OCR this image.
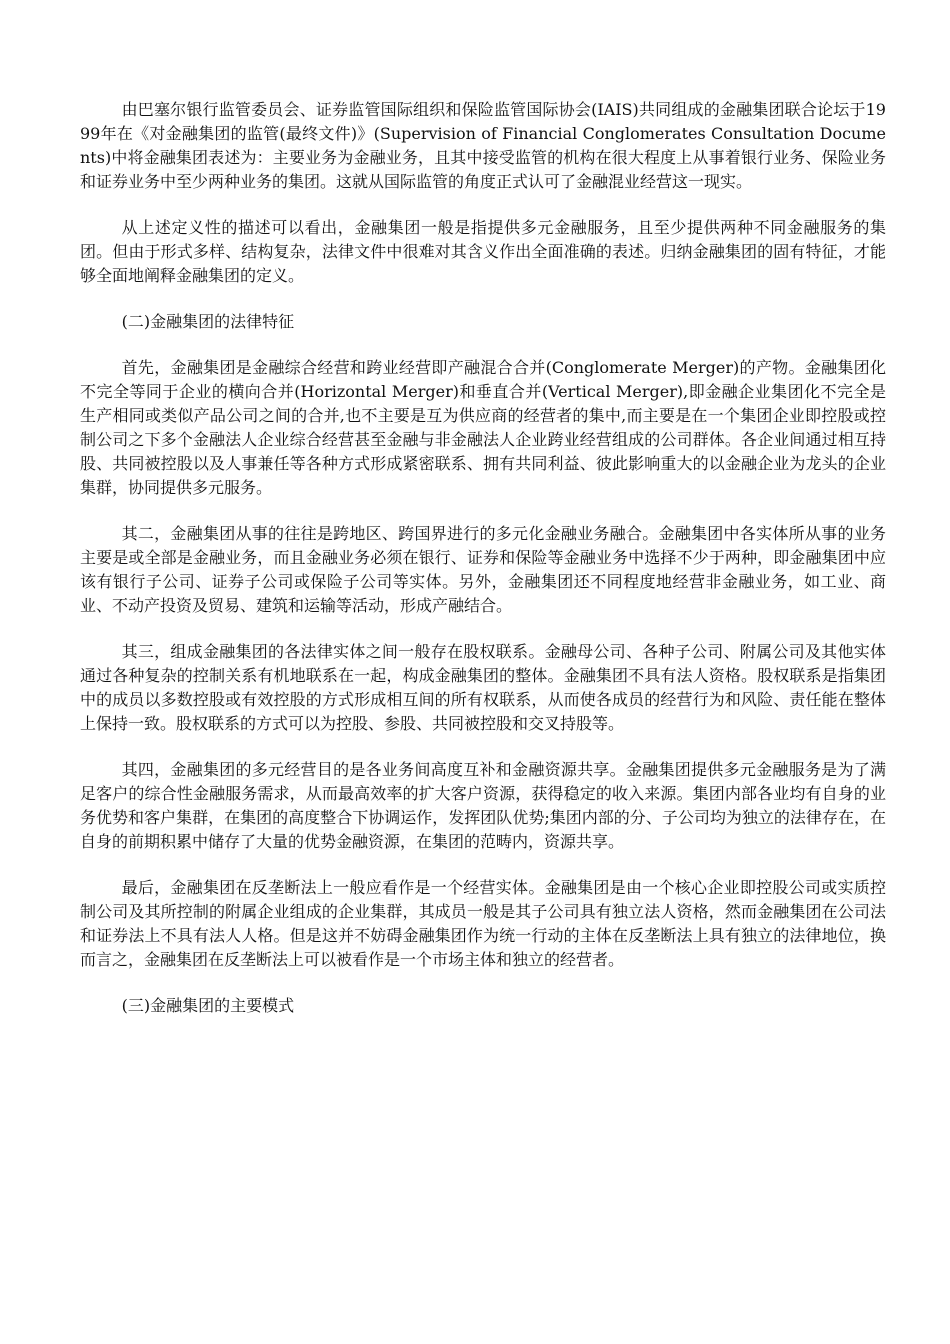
由巴塞尔银行监管委员会、证券监管国际组织和保险监管国际协会(IAIS)共同组成的金融集团联合论坛于1999年在《对金融集团的监管(最终文件)》(Supervision of Financial Conglomerates Consultation Documents)中将金融集团表述为：主要业务为金融业务，且其中接受监管的机构在很大程度上从事着银行业务、保险业务和证券业务中至少两种业务的集团。这就从国际监管的角度正式认可了金融混业经营这一现实。

从上述定义性的描述可以看出，金融集团一般是指提供多元金融服务，且至少提供两种不同金融服务的集团。但由于形式多样、结构复杂，法律文件中很难对其含义作出全面准确的表述。归纳金融集团的固有特征，才能够全面地阐释金融集团的定义。

(二)金融集团的法律特征

首先，金融集团是金融综合经营和跨业经营即产融混合合并(Conglomerate Merger)的产物。金融集团化不完全等同于企业的横向合并(Horizontal Merger)和垂直合并(Vertical Merger),即金融企业集团化不完全是生产相同或类似产品公司之间的合并,也不主要是互为供应商的经营者的集中,而主要是在一个集团企业即控股或控制公司之下多个金融法人企业综合经营甚至金融与非金融法人企业跨业经营组成的公司群体。各企业间通过相互持股、共同被控股以及人事兼任等各种方式形成紧密联系、拥有共同利益、彼此影响重大的以金融企业为龙头的企业集群，协同提供多元服务。

其二，金融集团从事的往往是跨地区、跨国界进行的多元化金融业务融合。金融集团中各实体所从事的业务主要是或全部是金融业务，而且金融业务必须在银行、证券和保险等金融业务中选择不少于两种，即金融集团中应该有银行子公司、证券子公司或保险子公司等实体。另外，金融集团还不同程度地经营非金融业务，如工业、商业、不动产投资及贸易、建筑和运输等活动，形成产融结合。

其三，组成金融集团的各法律实体之间一般存在股权联系。金融母公司、各种子公司、附属公司及其他实体通过各种复杂的控制关系有机地联系在一起，构成金融集团的整体。金融集团不具有法人资格。股权联系是指集团中的成员以多数控股或有效控股的方式形成相互间的所有权联系，从而使各成员的经营行为和风险、责任能在整体上保持一致。股权联系的方式可以为控股、参股、共同被控股和交叉持股等。

其四，金融集团的多元经营目的是各业务间高度互补和金融资源共享。金融集团提供多元金融服务是为了满足客户的综合性金融服务需求，从而最高效率的扩大客户资源，获得稳定的收入来源。集团内部各业均有自身的业务优势和客户集群，在集团的高度整合下协调运作，发挥团队优势;集团内部的分、子公司均为独立的法律存在，在自身的前期积累中储存了大量的优势金融资源，在集团的范畴内，资源共享。

最后，金融集团在反垄断法上一般应看作是一个经营实体。金融集团是由一个核心企业即控股公司或实质控制公司及其所控制的附属企业组成的企业集群，其成员一般是其子公司具有独立法人资格，然而金融集团在公司法和证券法上不具有法人人格。但是这并不妨碍金融集团作为统一行动的主体在反垄断法上具有独立的法律地位，换而言之，金融集团在反垄断法上可以被看作是一个市场主体和独立的经营者。

(三)金融集团的主要模式
